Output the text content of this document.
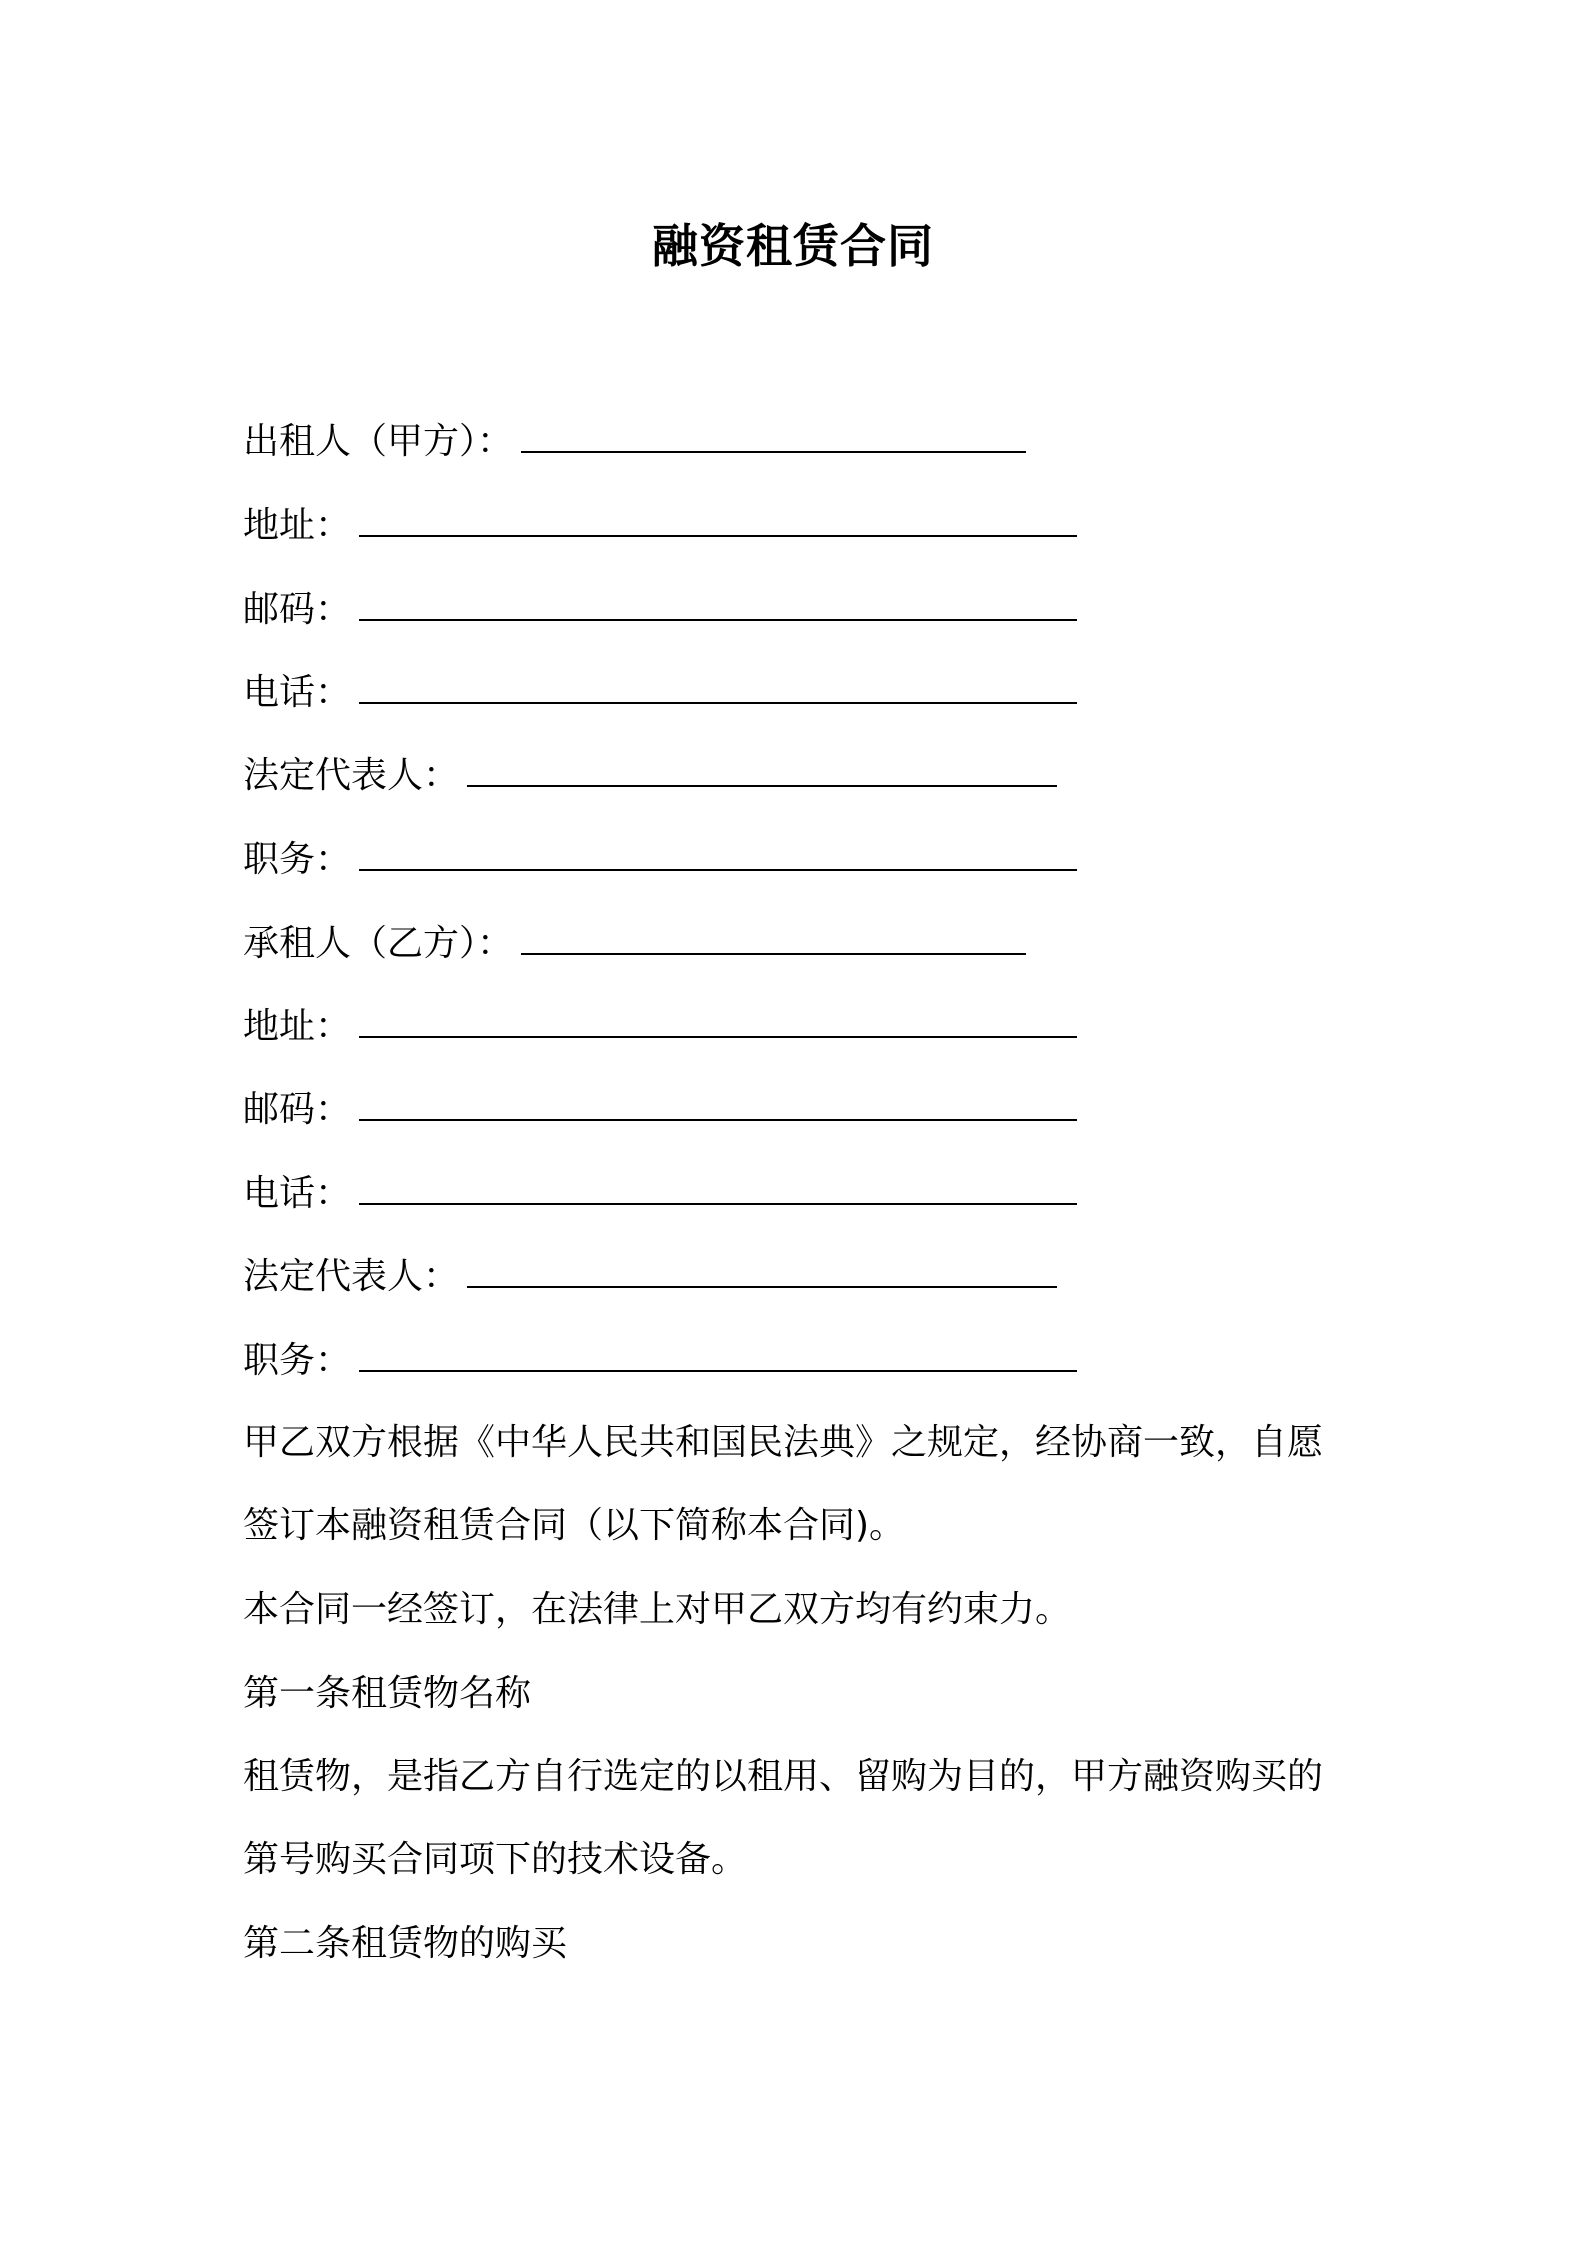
融资租赁合同
出租人（甲方）：
地址：
邮码：
电话：
法定代表人：
职务：
承租人（乙方）：
地址：
邮码：
电话：
法定代表人：
职务：
甲乙双方根据《中华人民共和国民法典》之规定，经协商一致，自愿
签订本融资租赁合同（以下简称本合同)。
本合同一经签订，在法律上对甲乙双方均有约束力。
第一条租赁物名称
租赁物，是指乙方自行选定的以租用、留购为目的，甲方融资购买的
第号购买合同项下的技术设备。
第二条租赁物的购买
